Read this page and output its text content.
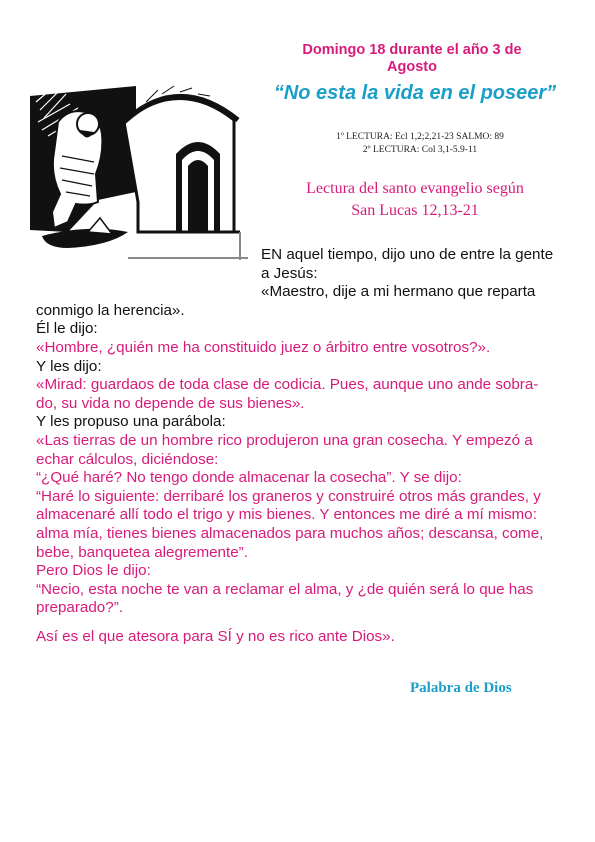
Domingo 18 durante el año 3 de
Agosto
“No esta la vida en el poseer”
1º LECTURA: Ecl 1,2;2,21-23 SALMO: 89
2º LECTURA: Col 3,1-5.9-11
Lectura del santo evangelio según
San Lucas 12,13-21

EN aquel tiempo, dijo uno de entre la gente

a Jesús:

«Maestro, dije a mi hermano que reparta

conmigo la herencia».

Él le dijo:

«Hombre, ¿quién me ha constituido juez o árbitro entre vosotros?».

Y les dijo:

«Mirad: guardaos de toda clase de codicia. Pues, aunque uno ande sobra-

do, su vida no depende de sus bienes».

Y les propuso una parábola:

«Las tierras de un hombre rico produjeron una gran cosecha. Y empezó a

echar cálculos, diciéndose:

“¿Qué haré? No tengo donde almacenar la cosecha”. Y se dijo:

“Haré lo siguiente: derribaré los graneros y construiré otros más grandes, y

almacenaré allí todo el trigo y mis bienes. Y entonces me diré a mí mismo:

alma mía, tienes bienes almacenados para muchos años; descansa, come,

bebe, banquetea alegremente”.

Pero Dios le dijo:

“Necio, esta noche te van a reclamar el alma, y ¿de quién será lo que has

preparado?”.

Así es el que atesora para SÍ y no es rico ante Dios».

Palabra de Dios
